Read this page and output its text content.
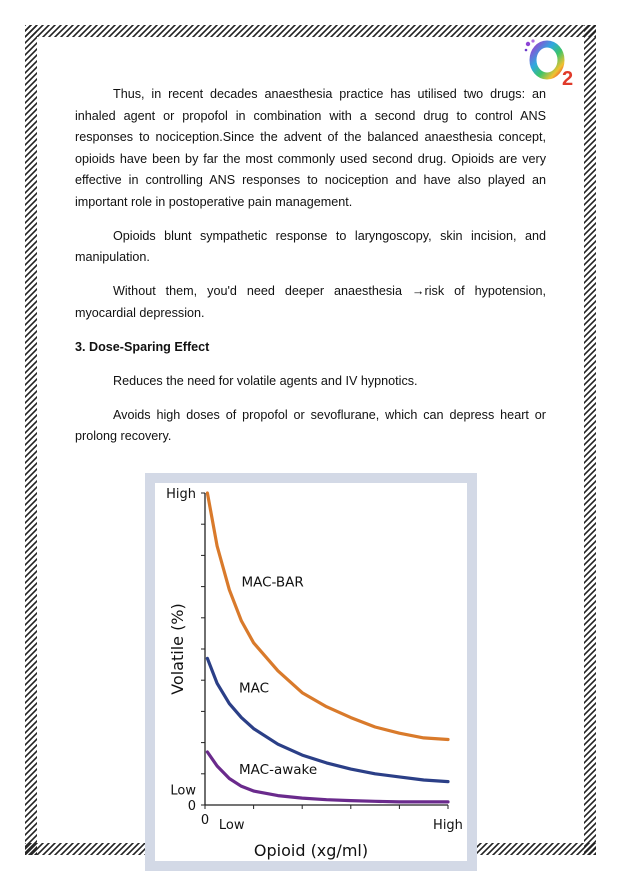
2

Thus, in recent decades anaesthesia practice has utilised two drugs: an inhaled agent or propofol in combination with a second drug to control ANS responses to nociception.Since the advent of the balanced anaesthesia concept, opioids have been by far the most commonly used second drug. Opioids are very effective in controlling ANS responses to nociception and have also played an important role in postoperative pain management.

Opioids blunt sympathetic response to laryngoscopy, skin incision, and manipulation.

Without them, you'd need deeper anaesthesia →risk of hypotension, myocardial depression.

3. Dose-Sparing Effect

Reduces the need for volatile agents and IV hypnotics.

Avoids high doses of propofol or sevoflurane, which can depress heart or prolong recovery.

High
Low
0
0 Low	High
Opioid (xg/ml)
Volatile (%)
MAC-BAR
MAC
MAC-awake
